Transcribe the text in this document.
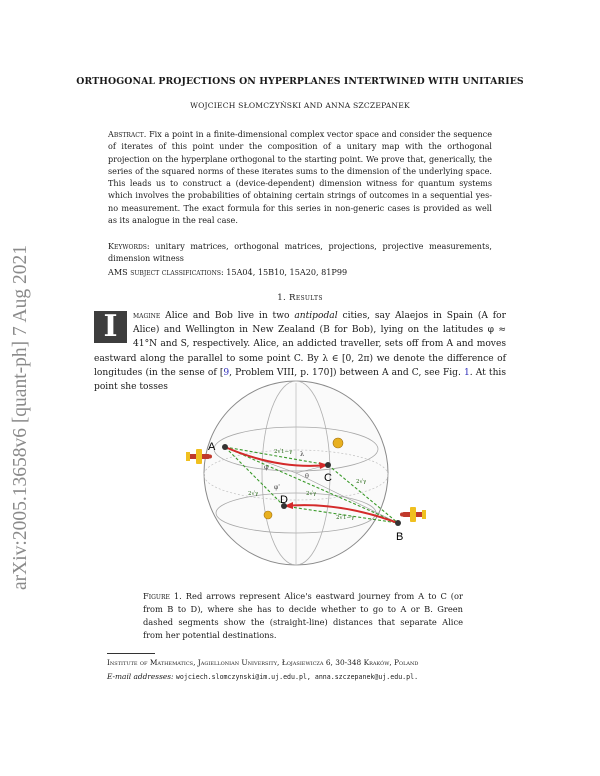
arXiv:2005.13658v6 [quant-ph] 7 Aug 2021
ORTHOGONAL PROJECTIONS ON HYPERPLANES INTERTWINED WITH UNITARIES
WOJCIECH SŁOMCZYŃSKI AND ANNA SZCZEPANEK
Abstract. Fix a point in a finite-dimensional complex vector space and consider the sequence of iterates of this point under the composition of a unitary map with the orthogonal projection on the hyperplane orthogonal to the starting point. We prove that, generically, the series of the squared norms of these iterates sums to the dimension of the underlying space. This leads us to construct a (device-dependent) dimension witness for quantum systems which involves the probabilities of obtaining certain strings of outcomes in a sequential yes-no measurement. The exact formula for this series in non-generic cases is provided as well as its analogue in the real case.
Keywords: unitary matrices, orthogonal matrices, projections, projective measurements, dimension witness
AMS subject classifications: 15A04, 15B10, 15A20, 81P99
1. Results
I	magine Alice and Bob live in two antipodal cities, say Alaejos in Spain (A for Alice) and Wellington in New Zealand (B for Bob), lying on the latitudes φ ≈ 41°N and S, respectively. Alice, an addicted traveller, sets off from A and moves eastward along the parallel to some point C. By λ ∈ [0, 2π) we denote the difference of longitudes (in the sense of [9, Problem VIII, p. 170]) between A and C, see Fig. 1. At this point she tosses
A
B
C
D
λ
φ
θ
φ'
2√γ
2√γ
2√γ
2√1−γ
2√1−γ
Figure 1. Red arrows represent Alice's eastward journey from A to C (or from B to D), where she has to decide whether to go to A or B. Green dashed segments show the (straight-line) distances that separate Alice from her potential destinations.
Institute of Mathematics, Jagiellonian University, Łojasiewicza 6, 30-348 Kraków, Poland
E-mail addresses: wojciech.slomczynski@im.uj.edu.pl, anna.szczepanek@uj.edu.pl.
